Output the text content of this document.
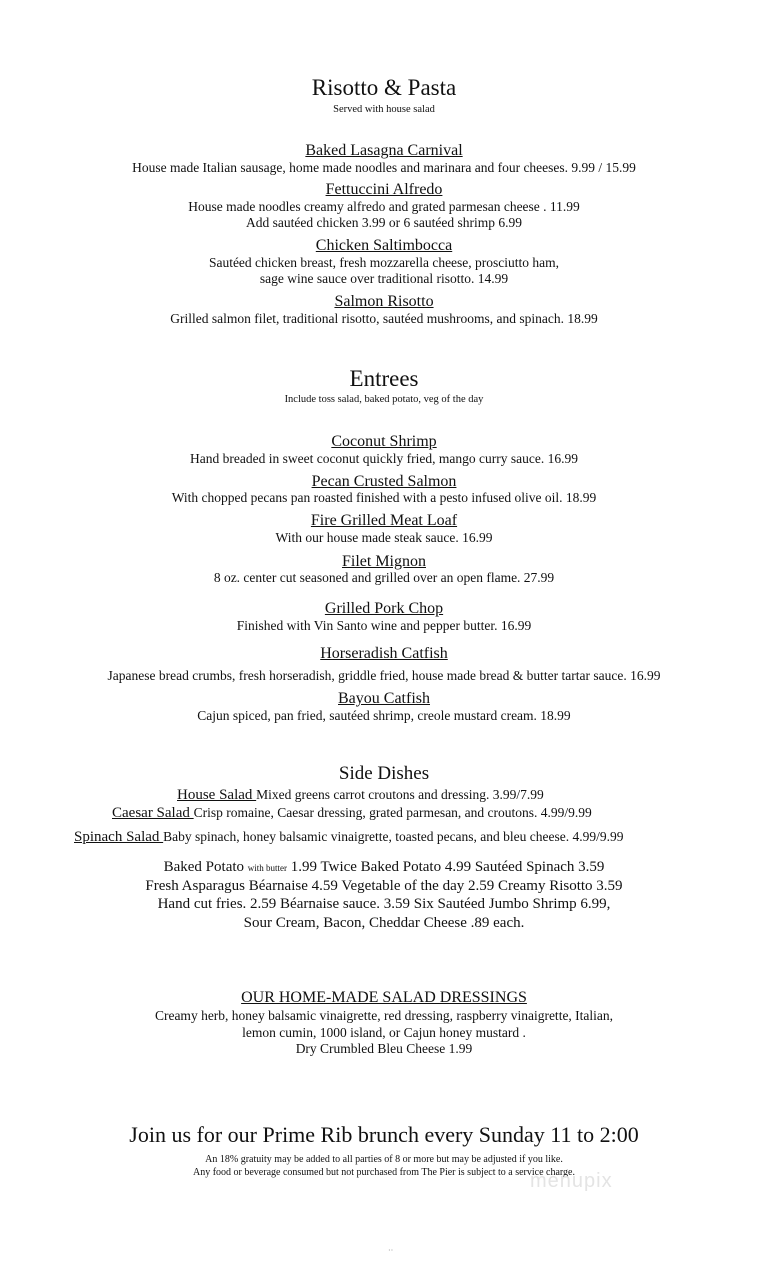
Risotto & Pasta
Served with house salad
Baked Lasagna Carnival
House made Italian sausage, home made noodles and marinara and four cheeses. 9.99 / 15.99
Fettuccini Alfredo
House made noodles creamy alfredo and grated parmesan cheese . 11.99
Add sautéed chicken 3.99 or 6 sautéed shrimp 6.99
Chicken Saltimbocca
Sautéed chicken breast, fresh mozzarella cheese, prosciutto ham,
sage wine sauce over traditional risotto. 14.99
Salmon Risotto
Grilled salmon filet, traditional risotto, sautéed mushrooms, and spinach. 18.99
Entrees
Include toss salad, baked potato, veg of the day
Coconut Shrimp
Hand breaded in sweet coconut quickly fried, mango curry sauce. 16.99
Pecan Crusted Salmon
With chopped pecans pan roasted finished with a pesto infused olive oil. 18.99
Fire Grilled Meat Loaf
With our house made steak sauce. 16.99
Filet Mignon
8 oz. center cut seasoned and grilled over an open flame. 27.99
Grilled Pork Chop
Finished with Vin Santo wine and pepper butter. 16.99
Horseradish Catfish
Japanese bread crumbs, fresh horseradish, griddle fried, house made bread & butter tartar sauce. 16.99
Bayou Catfish
Cajun spiced, pan fried, sautéed shrimp, creole mustard cream. 18.99
Side Dishes
House Salad Mixed greens carrot croutons and dressing. 3.99/7.99
Caesar Salad Crisp romaine, Caesar dressing, grated parmesan, and croutons. 4.99/9.99
Spinach Salad Baby spinach, honey balsamic vinaigrette, toasted pecans, and bleu cheese. 4.99/9.99
Baked Potato with butter 1.99 Twice Baked Potato 4.99 Sautéed Spinach 3.59
Fresh Asparagus Béarnaise 4.59 Vegetable of the day 2.59 Creamy Risotto 3.59
Hand cut fries. 2.59 Béarnaise sauce. 3.59 Six Sautéed Jumbo Shrimp 6.99,
Sour Cream, Bacon, Cheddar Cheese .89 each.
OUR HOME-MADE SALAD DRESSINGS
Creamy herb, honey balsamic vinaigrette, red dressing, raspberry vinaigrette, Italian,
lemon cumin, 1000 island, or Cajun honey mustard .
Dry Crumbled Bleu Cheese 1.99
Join us for our Prime Rib brunch every Sunday 11 to 2:00
An 18% gratuity may be added to all parties of 8 or more but may be adjusted if you like.
Any food or beverage consumed but not purchased from The Pier is subject to a service charge.
menupix
··
